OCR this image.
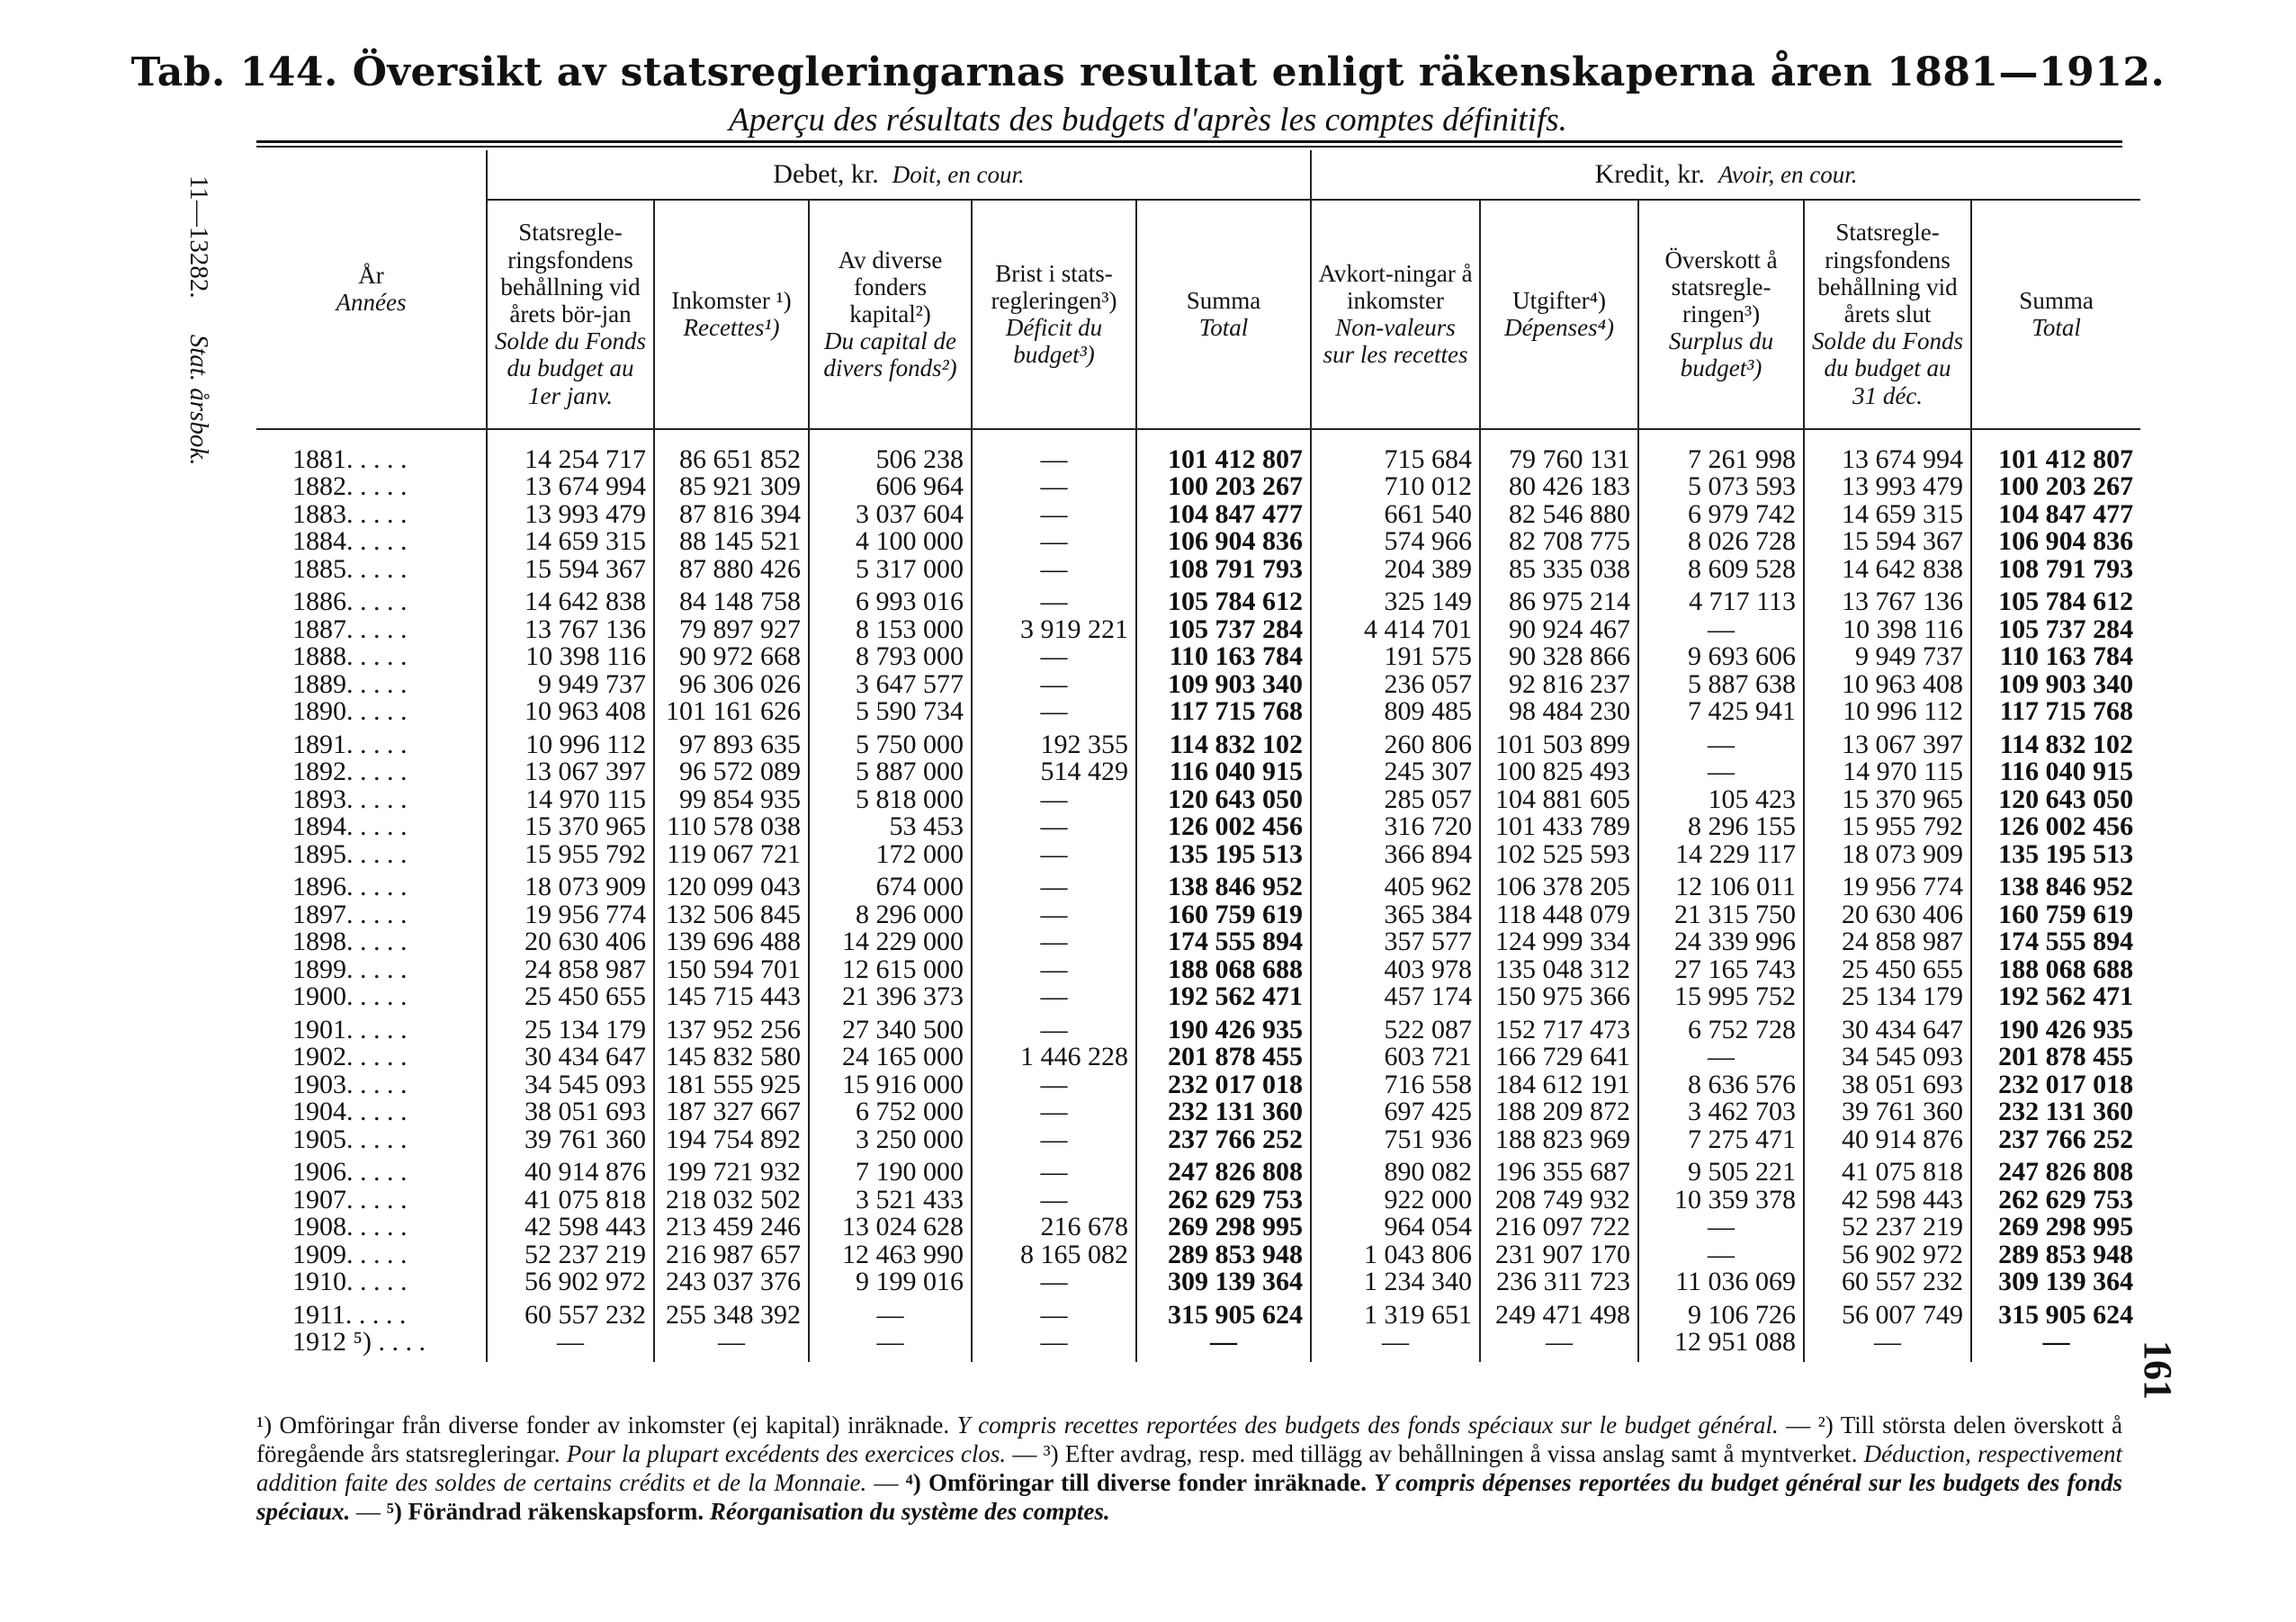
Tab. 144. Översikt av statsregleringarnas resultat enligt räkenskaperna åren 1881—1912.
Aperçu des résultats des budgets d'après les comptes définitifs.
11—13282.Stat. årsbok.
161
År
Années	Debet, kr. Doit, en cour.					Kredit, kr. Avoir, en cour.				
	Statsregle-ringsfondens behållning vid årets bör-jan
Solde du Fonds du budget au 1er janv.	Inkomster ¹)
Recettes¹)	Av diverse fonders kapital²)
Du capital de divers fonds²)	Brist i stats-regleringen³)
Déficit du budget³)	Summa
Total	Avkort-ningar å inkomster
Non-valeurs sur les recettes	Utgifter⁴)
Dépenses⁴)	Överskott å statsregle-ringen³)
Surplus du budget³)	Statsregle-ringsfondens behållning vid årets slut
Solde du Fonds du budget au 31 déc.	Summa
Total

1881. . . . .	14 254 717	86 651 852	506 238	—	101 412 807	715 684	79 760 131	7 261 998	13 674 994	101 412 807
1882. . . . .	13 674 994	85 921 309	606 964	—	100 203 267	710 012	80 426 183	5 073 593	13 993 479	100 203 267
1883. . . . .	13 993 479	87 816 394	3 037 604	—	104 847 477	661 540	82 546 880	6 979 742	14 659 315	104 847 477
1884. . . . .	14 659 315	88 145 521	4 100 000	—	106 904 836	574 966	82 708 775	8 026 728	15 594 367	106 904 836
1885. . . . .	15 594 367	87 880 426	5 317 000	—	108 791 793	204 389	85 335 038	8 609 528	14 642 838	108 791 793
1886. . . . .	14 642 838	84 148 758	6 993 016	—	105 784 612	325 149	86 975 214	4 717 113	13 767 136	105 784 612
1887. . . . .	13 767 136	79 897 927	8 153 000	3 919 221	105 737 284	4 414 701	90 924 467	—	10 398 116	105 737 284
1888. . . . .	10 398 116	90 972 668	8 793 000	—	110 163 784	191 575	90 328 866	9 693 606	9 949 737	110 163 784
1889. . . . .	9 949 737	96 306 026	3 647 577	—	109 903 340	236 057	92 816 237	5 887 638	10 963 408	109 903 340
1890. . . . .	10 963 408	101 161 626	5 590 734	—	117 715 768	809 485	98 484 230	7 425 941	10 996 112	117 715 768
1891. . . . .	10 996 112	97 893 635	5 750 000	192 355	114 832 102	260 806	101 503 899	—	13 067 397	114 832 102
1892. . . . .	13 067 397	96 572 089	5 887 000	514 429	116 040 915	245 307	100 825 493	—	14 970 115	116 040 915
1893. . . . .	14 970 115	99 854 935	5 818 000	—	120 643 050	285 057	104 881 605	105 423	15 370 965	120 643 050
1894. . . . .	15 370 965	110 578 038	53 453	—	126 002 456	316 720	101 433 789	8 296 155	15 955 792	126 002 456
1895. . . . .	15 955 792	119 067 721	172 000	—	135 195 513	366 894	102 525 593	14 229 117	18 073 909	135 195 513
1896. . . . .	18 073 909	120 099 043	674 000	—	138 846 952	405 962	106 378 205	12 106 011	19 956 774	138 846 952
1897. . . . .	19 956 774	132 506 845	8 296 000	—	160 759 619	365 384	118 448 079	21 315 750	20 630 406	160 759 619
1898. . . . .	20 630 406	139 696 488	14 229 000	—	174 555 894	357 577	124 999 334	24 339 996	24 858 987	174 555 894
1899. . . . .	24 858 987	150 594 701	12 615 000	—	188 068 688	403 978	135 048 312	27 165 743	25 450 655	188 068 688
1900. . . . .	25 450 655	145 715 443	21 396 373	—	192 562 471	457 174	150 975 366	15 995 752	25 134 179	192 562 471
1901. . . . .	25 134 179	137 952 256	27 340 500	—	190 426 935	522 087	152 717 473	6 752 728	30 434 647	190 426 935
1902. . . . .	30 434 647	145 832 580	24 165 000	1 446 228	201 878 455	603 721	166 729 641	—	34 545 093	201 878 455
1903. . . . .	34 545 093	181 555 925	15 916 000	—	232 017 018	716 558	184 612 191	8 636 576	38 051 693	232 017 018
1904. . . . .	38 051 693	187 327 667	6 752 000	—	232 131 360	697 425	188 209 872	3 462 703	39 761 360	232 131 360
1905. . . . .	39 761 360	194 754 892	3 250 000	—	237 766 252	751 936	188 823 969	7 275 471	40 914 876	237 766 252
1906. . . . .	40 914 876	199 721 932	7 190 000	—	247 826 808	890 082	196 355 687	9 505 221	41 075 818	247 826 808
1907. . . . .	41 075 818	218 032 502	3 521 433	—	262 629 753	922 000	208 749 932	10 359 378	42 598 443	262 629 753
1908. . . . .	42 598 443	213 459 246	13 024 628	216 678	269 298 995	964 054	216 097 722	—	52 237 219	269 298 995
1909. . . . .	52 237 219	216 987 657	12 463 990	8 165 082	289 853 948	1 043 806	231 907 170	—	56 902 972	289 853 948
1910. . . . .	56 902 972	243 037 376	9 199 016	—	309 139 364	1 234 340	236 311 723	11 036 069	60 557 232	309 139 364
1911. . . . .	60 557 232	255 348 392	—	—	315 905 624	1 319 651	249 471 498	9 106 726	56 007 749	315 905 624
1912 ⁵) . . . .	—	—	—	—	—	—	—	12 951 088	—	—

¹) Omföringar från diverse fonder av inkomster (ej kapital) inräknade. Y compris recettes reportées des budgets des fonds spéciaux sur le budget général. — ²) Till största delen överskott å föregående års statsregleringar. Pour la plupart excédents des exercices clos. — ³) Efter avdrag, resp. med tillägg av behållningen å vissa anslag samt å myntverket. Déduction, respectivement addition faite des soldes de certains crédits et de la Monnaie. — ⁴) Omföringar till diverse fonder inräknade. Y compris dépenses reportées du budget général sur les budgets des fonds spéciaux. — ⁵) Förändrad räkenskapsform. Réorganisation du système des comptes.
